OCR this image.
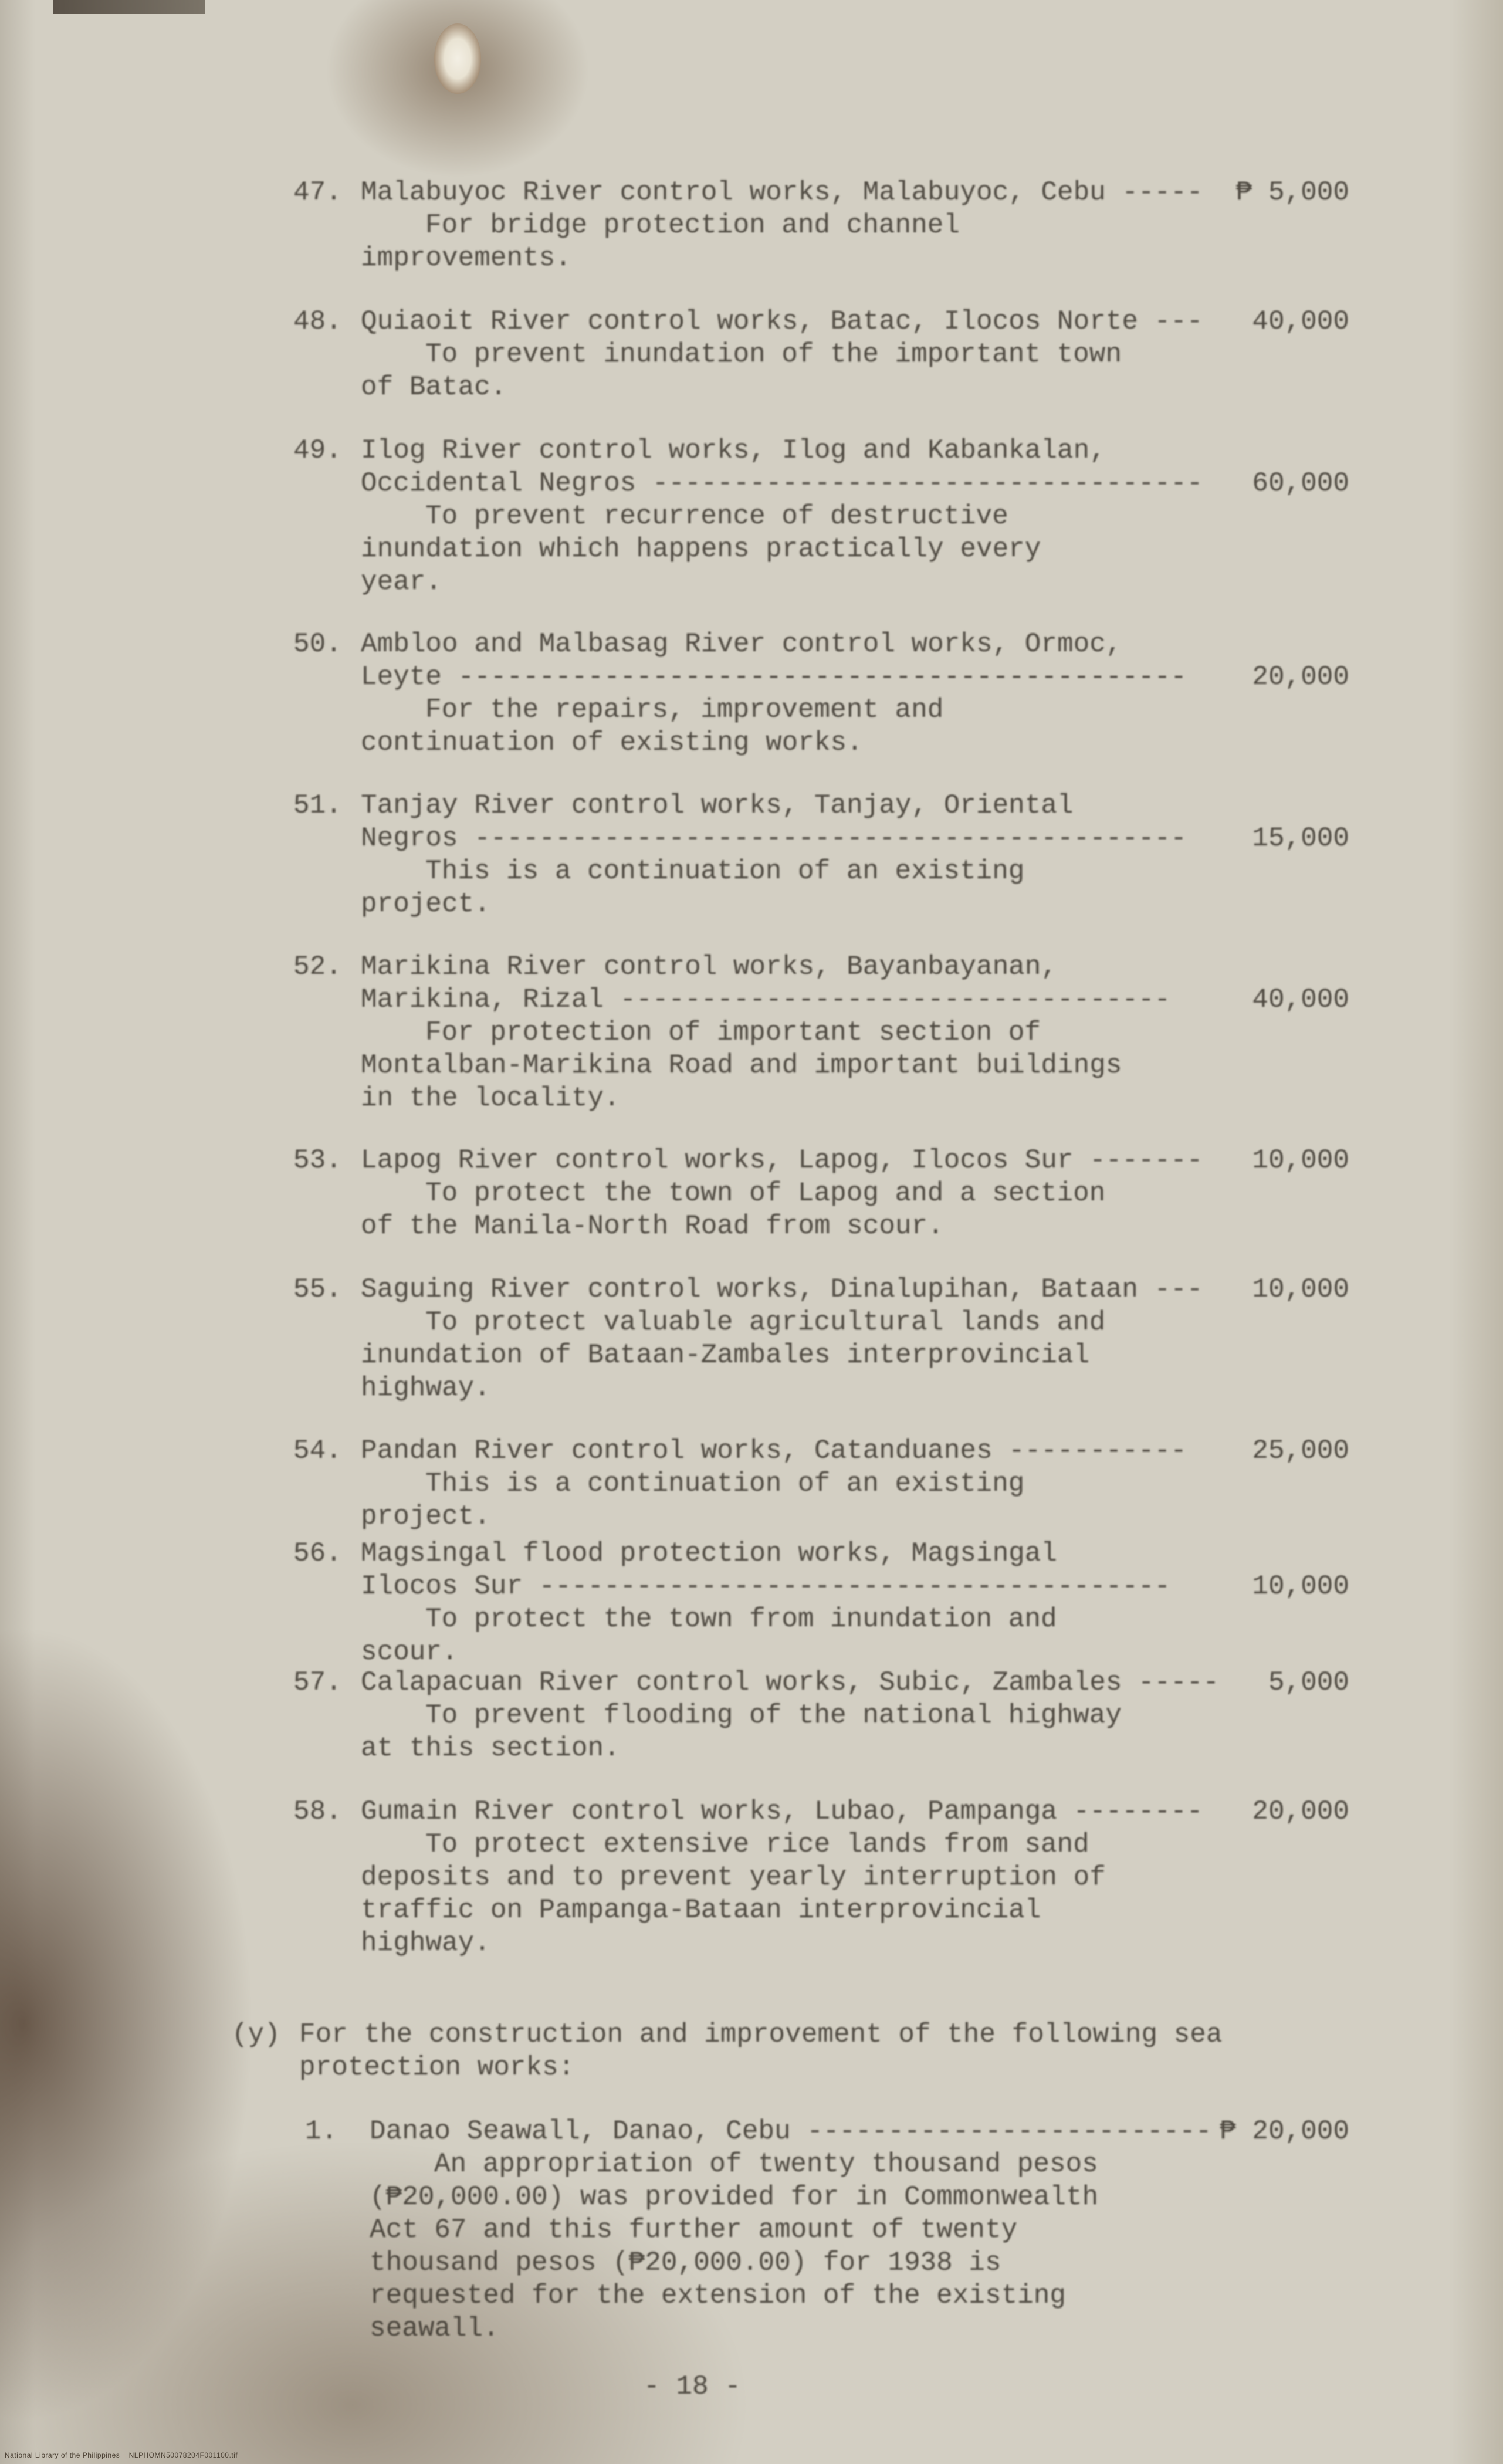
47. Malabuyoc River control works, Malabuyoc, Cebu -----	₱ 5,000
For bridge protection and channel improvements.
48. Quiaoit River control works, Batac, Ilocos Norte ---	40,000
To prevent inundation of the important town of Batac.
49. Ilog River control works, Ilog and Kabankalan,
Occidental Negros ----------------------------------	60,000
To prevent recurrence of destructive inundation which happens practically every year.
50. Ambloo and Malbasag River control works, Ormoc,
Leyte ---------------------------------------------	20,000
For the repairs, improvement and continuation of existing works.
51. Tanjay River control works, Tanjay, Oriental
Negros --------------------------------------------	15,000
This is a continuation of an existing project.
52. Marikina River control works, Bayanbayanan,
Marikina, Rizal ----------------------------------	40,000
For protection of important section of Montalban-Marikina Road and important buildings in the locality.
53. Lapog River control works, Lapog, Ilocos Sur -------	10,000
To protect the town of Lapog and a section of the Manila-North Road from scour.
55. Saguing River control works, Dinalupihan, Bataan ---	10,000
To protect valuable agricultural lands and inundation of Bataan-Zambales interprovincial highway.
54. Pandan River control works, Catanduanes -----------	25,000
This is a continuation of an existing project.
56. Magsingal flood protection works, Magsingal
Ilocos Sur ---------------------------------------	10,000
To protect the town from inundation and scour.
57. Calapacuan River control works, Subic, Zambales -----	5,000
To prevent flooding of the national highway at this section.
58. Gumain River control works, Lubao, Pampanga --------	20,000
To protect extensive rice lands from sand deposits and to prevent yearly interruption of traffic on Pampanga-Bataan interprovincial highway.
(y) For the construction and improvement of the following sea protection works:
1.	Danao Seawall, Danao, Cebu ------------------------- ₱ 20,000
An appropriation of twenty thousand pesos (₱20,000.00) was provided for in Commonwealth Act 67 and this further amount of twenty thousand pesos (₱20,000.00) for 1938 is requested for the extension of the existing seawall.
- 18 -
National Library of the Philippines    NLPHOMN50078204F001100.tif
